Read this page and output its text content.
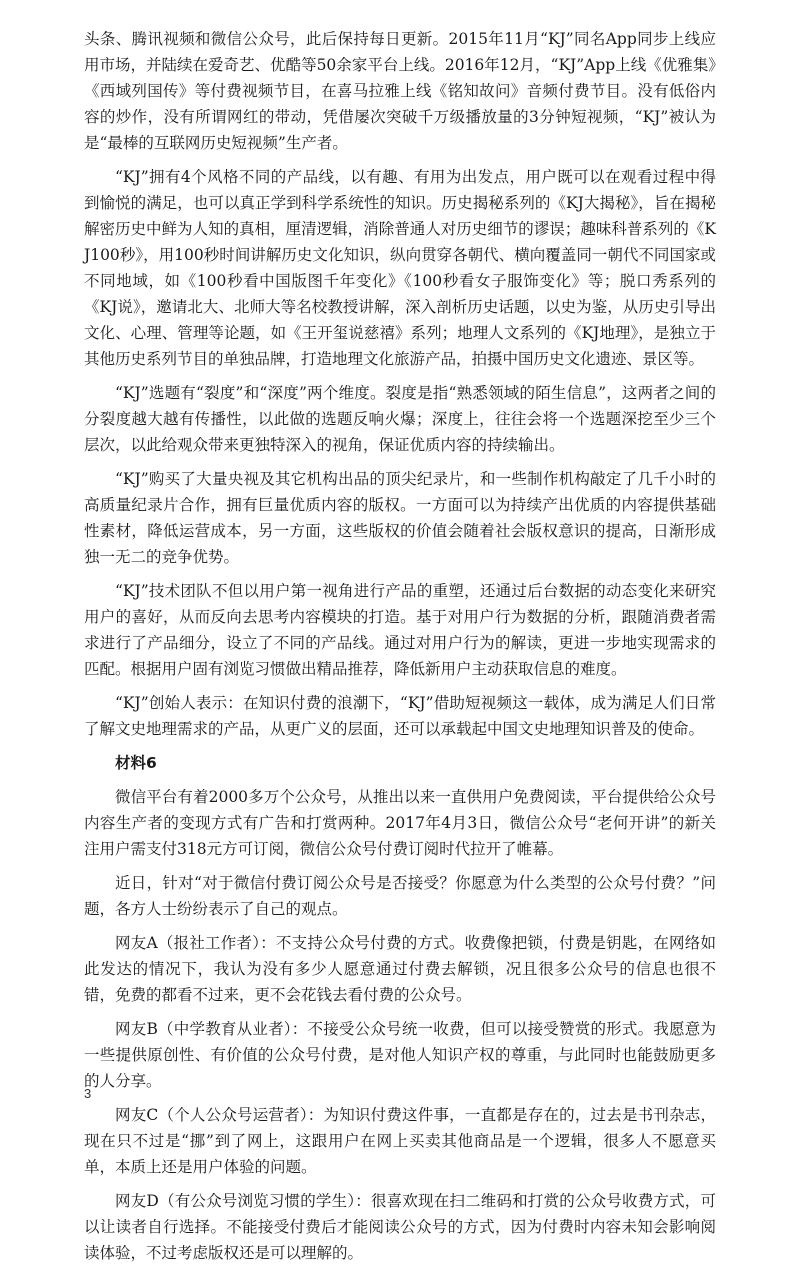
头条、腾讯视频和微信公众号，此后保持每日更新。2015年11月“KJ”同名App同步上线应用市场，并陆续在爱奇艺、优酷等50余家平台上线。2016年12月，“KJ”App上线《优雅集》《西域列国传》等付费视频节目，在喜马拉雅上线《铭知故问》音频付费节目。没有低俗内容的炒作，没有所谓网红的带动，凭借屡次突破千万级播放量的3分钟短视频，“KJ”被认为是“最棒的互联网历史短视频”生产者。

“KJ”拥有4个风格不同的产品线，以有趣、有用为出发点，用户既可以在观看过程中得到愉悦的满足，也可以真正学到科学系统性的知识。历史揭秘系列的《KJ大揭秘》，旨在揭秘解密历史中鲜为人知的真相，厘清逻辑，消除普通人对历史细节的谬误；趣味科普系列的《KJ100秒》，用100秒时间讲解历史文化知识，纵向贯穿各朝代、横向覆盖同一朝代不同国家或不同地域，如《100秒看中国版图千年变化》《100秒看女子服饰变化》等；脱口秀系列的《KJ说》，邀请北大、北师大等名校教授讲解，深入剖析历史话题，以史为鉴，从历史引导出文化、心理、管理等论题，如《王开玺说慈禧》系列；地理人文系列的《KJ地理》，是独立于其他历史系列节目的单独品牌，打造地理文化旅游产品，拍摄中国历史文化遗迹、景区等。

“KJ”选题有“裂度”和“深度”两个维度。裂度是指“熟悉领域的陌生信息”，这两者之间的分裂度越大越有传播性，以此做的选题反响火爆；深度上，往往会将一个选题深挖至少三个层次，以此给观众带来更独特深入的视角，保证优质内容的持续输出。

“KJ”购买了大量央视及其它机构出品的顶尖纪录片，和一些制作机构敲定了几千小时的高质量纪录片合作，拥有巨量优质内容的版权。一方面可以为持续产出优质的内容提供基础性素材，降低运营成本，另一方面，这些版权的价值会随着社会版权意识的提高，日渐形成独一无二的竞争优势。

“KJ”技术团队不但以用户第一视角进行产品的重塑，还通过后台数据的动态变化来研究用户的喜好，从而反向去思考内容模块的打造。基于对用户行为数据的分析，跟随消费者需求进行了产品细分，设立了不同的产品线。通过对用户行为的解读，更进一步地实现需求的匹配。根据用户固有浏览习惯做出精品推荐，降低新用户主动获取信息的难度。

“KJ”创始人表示：在知识付费的浪潮下，“KJ”借助短视频这一载体，成为满足人们日常了解文史地理需求的产品，从更广义的层面，还可以承载起中国文史地理知识普及的使命。

材料6

微信平台有着2000多万个公众号，从推出以来一直供用户免费阅读，平台提供给公众号内容生产者的变现方式有广告和打赏两种。2017年4月3日，微信公众号“老何开讲”的新关注用户需支付318元方可订阅，微信公众号付费订阅时代拉开了帷幕。

近日，针对“对于微信付费订阅公众号是否接受？你愿意为什么类型的公众号付费？”问题，各方人士纷纷表示了自己的观点。

网友A（报社工作者）：不支持公众号付费的方式。收费像把锁，付费是钥匙，在网络如此发达的情况下，我认为没有多少人愿意通过付费去解锁，况且很多公众号的信息也很不错，免费的都看不过来，更不会花钱去看付费的公众号。

网友B（中学教育从业者）：不接受公众号统一收费，但可以接受赞赏的形式。我愿意为一些提供原创性、有价值的公众号付费，是对他人知识产权的尊重，与此同时也能鼓励更多的人分享。

网友C（个人公众号运营者）：为知识付费这件事，一直都是存在的，过去是书刊杂志，现在只不过是“挪”到了网上，这跟用户在网上买卖其他商品是一个逻辑，很多人不愿意买单，本质上还是用户体验的问题。

网友D（有公众号浏览习惯的学生）：很喜欢现在扫二维码和打赏的公众号收费方式，可以让读者自行选择。不能接受付费后才能阅读公众号的方式，因为付费时内容未知会影响阅读体验，不过考虑版权还是可以理解的。

3
